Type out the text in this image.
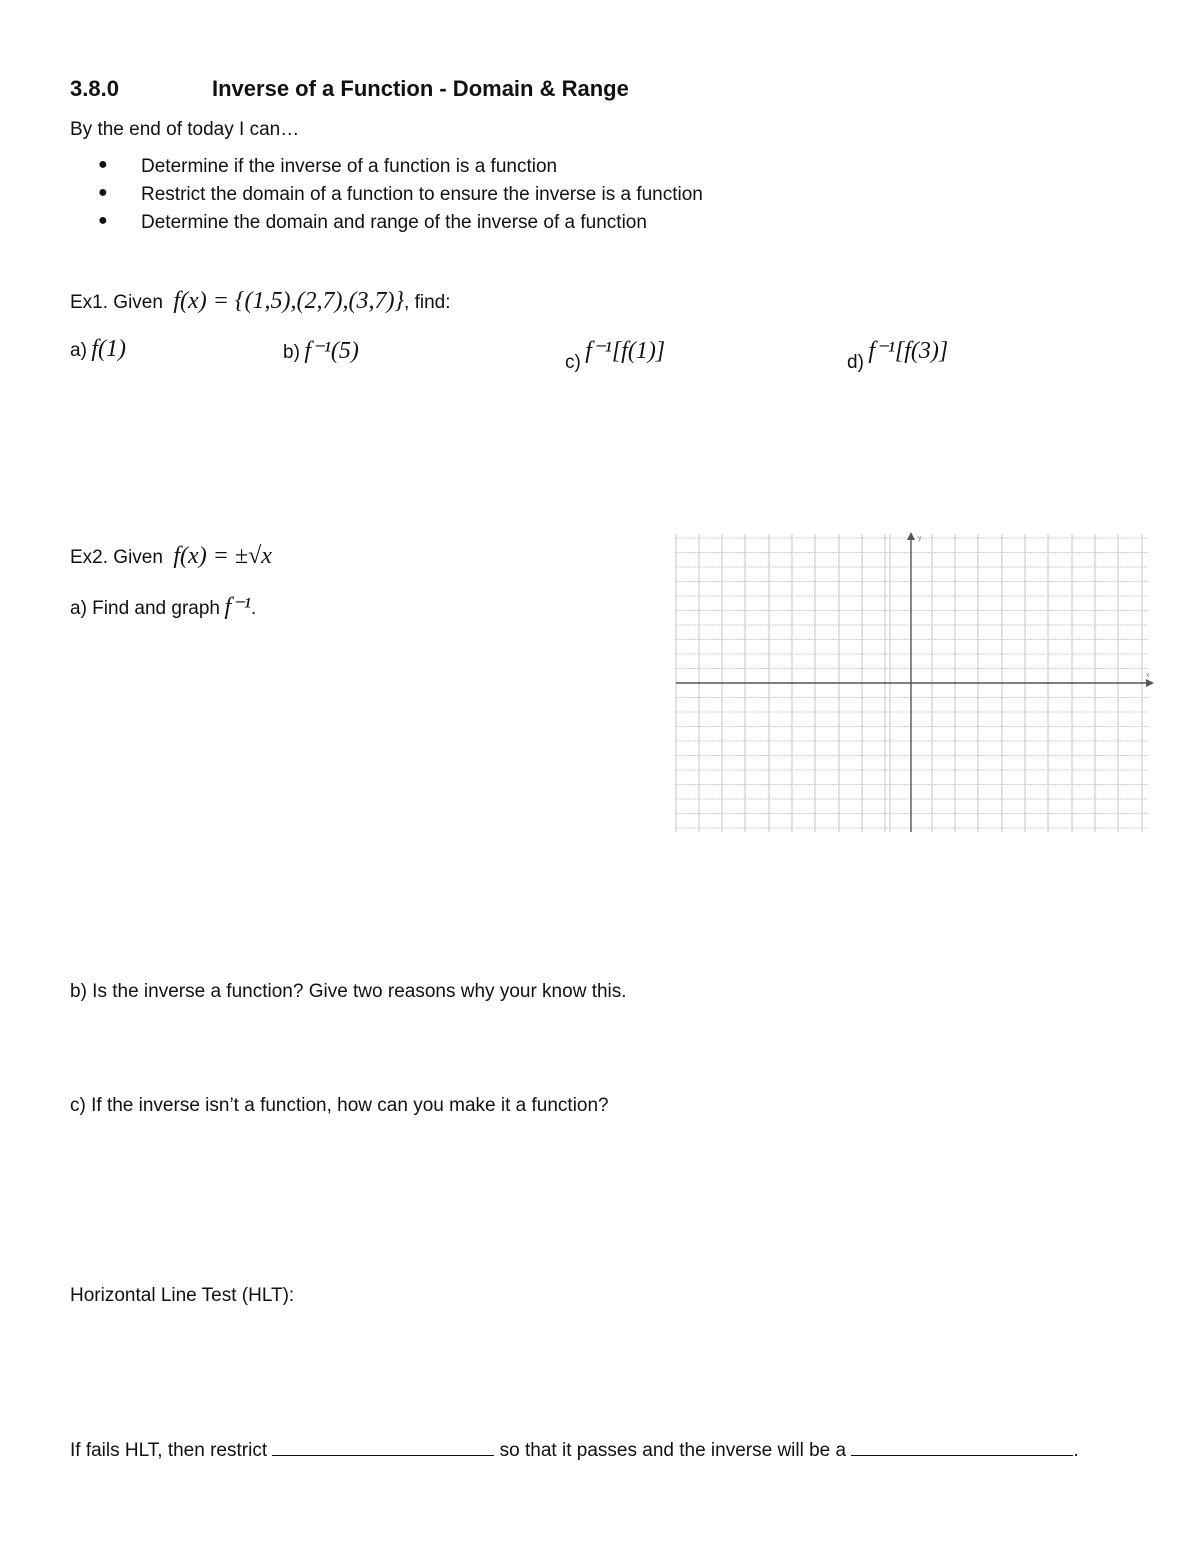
3.8.0	Inverse of a Function - Domain & Range
By the end of today I can…
● Determine if the inverse of a function is a function
● Restrict the domain of a function to ensure the inverse is a function
● Determine the domain and range of the inverse of a function
Ex1. Given f(x) = {(1,5),(2,7),(3,7)}, find:
a) f(1)	b) f⁻¹(5)	c) f⁻¹[f(1)]	d) f⁻¹[f(3)]
Ex2. Given f(x) = ±√x
a) Find and graph f⁻¹.
y
x
b) Is the inverse a function? Give two reasons why your know this.
c) If the inverse isn’t a function, how can you make it a function?
Horizontal Line Test (HLT):
If fails HLT, then restrict	so that it passes and the inverse will be a	.
